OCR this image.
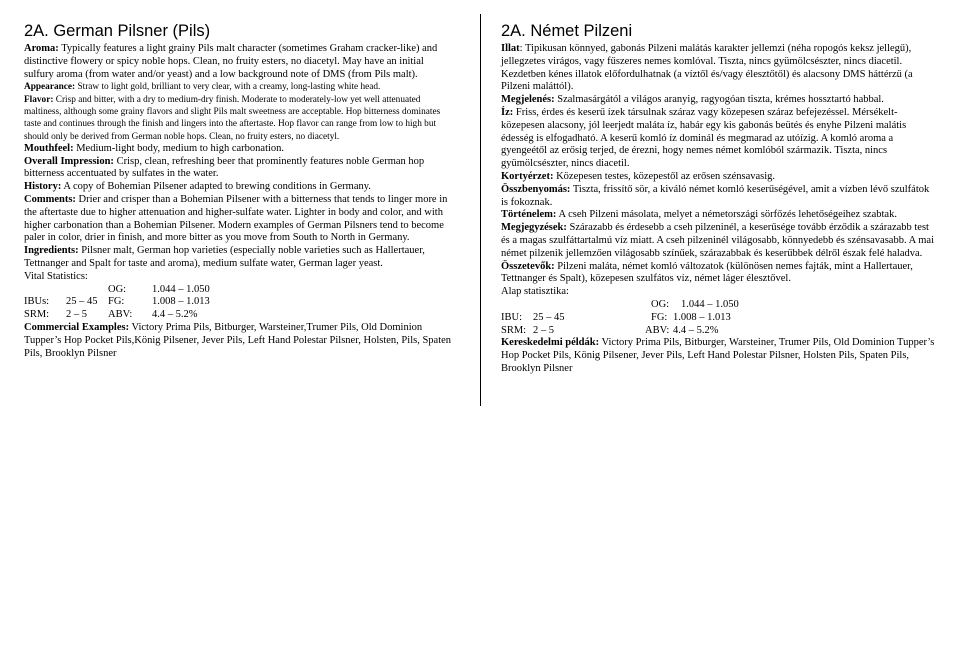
2A. German Pilsner (Pils)

Aroma: Typically features a light grainy Pils malt character (sometimes Graham cracker-like) and distinctive flowery or spicy noble hops. Clean, no fruity esters, no diacetyl. May have an initial sulfury aroma (from water and/or yeast) and a low background note of DMS (from Pils malt).

Appearance: Straw to light gold, brilliant to very clear, with a creamy, long-lasting white head.

Flavor: Crisp and bitter, with a dry to medium-dry finish. Moderate to moderately-low yet well attenuated maltiness, although some grainy flavors and slight Pils malt sweetness are acceptable. Hop bitterness dominates taste and continues through the finish and lingers into the aftertaste. Hop flavor can range from low to high but should only be derived from German noble hops. Clean, no fruity esters, no diacetyl.

Mouthfeel: Medium-light body, medium to high carbonation.

Overall Impression: Crisp, clean, refreshing beer that prominently features noble German hop bitterness accentuated by sulfates in the water.

History: A copy of Bohemian Pilsener adapted to brewing conditions in Germany.

Comments: Drier and crisper than a Bohemian Pilsener with a bitterness that tends to linger more in the aftertaste due to higher attenuation and higher-sulfate water. Lighter in body and color, and with higher carbonation than a Bohemian Pilsener. Modern examples of German Pilsners tend to become paler in color, drier in finish, and more bitter as you move from South to North in Germany.

Ingredients: Pilsner malt, German hop varieties (especially noble varieties such as Hallertauer, Tettnanger and Spalt for taste and aroma), medium sulfate water, German lager yeast.

Vital Statistics:

OG:	1.044 – 1.050
IBUs:	25 – 45	FG:	1.008 – 1.013
SRM:	2 – 5	ABV:	4.4 – 5.2%

Commercial Examples: Victory Prima Pils, Bitburger, Warsteiner,Trumer Pils, Old Dominion Tupper’s Hop Pocket Pils,König Pilsener, Jever Pils, Left Hand Polestar Pilsner, Holsten, Pils, Spaten Pils, Brooklyn Pilsner

2A. Német Pilzeni

Illat: Tipikusan könnyed, gabonás Pilzeni malátás karakter jellemzi (néha ropogós keksz jellegű), jellegzetes virágos, vagy fűszeres nemes komlóval. Tiszta, nincs gyümölcsészter, nincs diacetil. Kezdetben kénes illatok előfordulhatnak (a víztől és/vagy élesztőtől) és alacsony DMS háttérzü (a Pilzeni maláttól).

Megjelenés: Szalmasárgától a világos aranyig, ragyogóan tiszta, krémes hossztartó habbal.

Íz: Friss, érdes és keserű ízek társulnak száraz vagy közepesen száraz befejezéssel. Mérsékelt-közepesen alacsony, jól leerjedt maláta íz, habár egy kis gabonás beütés és enyhe Pilzeni malátis édesség is elfogadható. A keserű komló íz dominál és megmarad az utóízig. A komló aroma a gyengeétől az erősig terjed, de érezni, hogy nemes német komlóból származik. Tiszta, nincs gyümölcsészter, nincs diacetil.

Kortyérzet: Közepesen testes, közepestől az erősen szénsavasig.

Összbenyomás: Tiszta, frissítő sör, a kiváló német komló keserűségével, amit a vízben lévő szulfátok is fokoznak.

Történelem: A cseh Pilzeni másolata, melyet a németországi sörfőzés lehetőségeihez szabtak.

Megjegyzések: Szárazabb és érdesebb a cseh pilzeninél, a keserűsége tovább érződik a szárazabb test és a magas szulfáttartalmú víz miatt. A cseh pilzeninél világosabb, könnyedebb és szénsavasabb. A mai német pilzenik jellemzően világosabb színűek, szárazabbak és keserűbbek délről észak felé haladva.

Összetevők: Pilzeni maláta, német komló változatok (különösen nemes fajták, mint a Hallertauer, Tettnanger és Spalt), közepesen szulfátos víz, német láger élesztővel.

Alap statisztika:

OG:	1.044 – 1.050
IBU:	25 – 45	FG: 1.008 – 1.013
SRM: 2 – 5	ABV: 4.4 – 5.2%

Kereskedelmi példák: Victory Prima Pils, Bitburger, Warsteiner, Trumer Pils, Old Dominion Tupper’s Hop Pocket Pils, König Pilsener, Jever Pils, Left Hand Polestar Pilsner, Holsten Pils, Spaten Pils, Brooklyn Pilsner
